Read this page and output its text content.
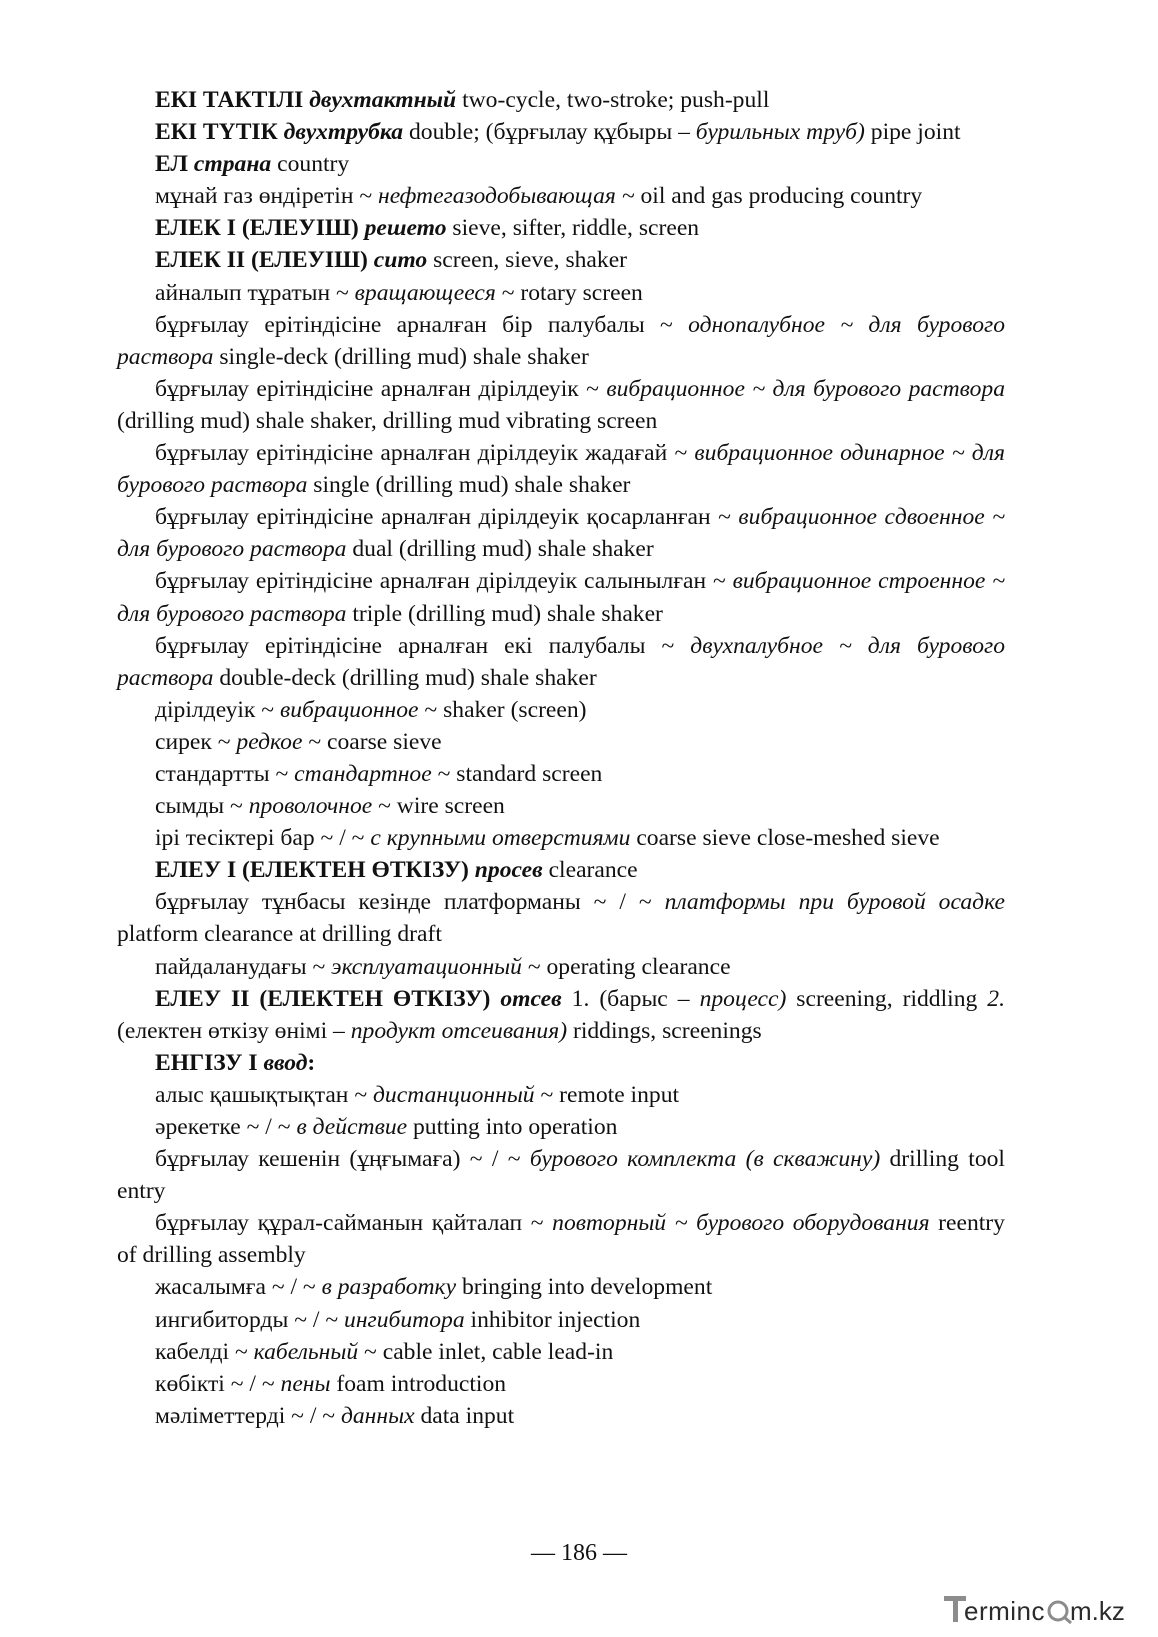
ЕКІ ТАКТІЛІ двухтактный two-cycle, two-stroke; push-pull

ЕКІ ТҮТІК двухтрубка double; (бұрғылау құбыры – бурильных труб) pipe joint

ЕЛ страна country

мұнай газ өндіретін ~ нефтегазодобывающая ~ oil and gas producing country

ЕЛЕК І (ЕЛЕУІШ) решето sieve, sifter, riddle, screen

ЕЛЕК ІІ (ЕЛЕУІШ) сито screen, sieve, shaker

айналып тұратын ~ вращающееся ~ rotary screen

бұрғылау ерітіндісіне арналған бір палубалы ~ однопалубное ~ для бурового раствора single-deck (drilling mud) shale shaker

бұрғылау ерітіндісіне арналған дірілдеуік ~ вибрационное ~ для бурового раствора (drilling mud) shale shaker, drilling mud vibrating screen

бұрғылау ерітіндісіне арналған дірілдеуік жадағай ~ вибрационное одинарное ~ для бурового раствора single (drilling mud) shale shaker

бұрғылау ерітіндісіне арналған дірілдеуік қосарланған ~ вибрационное сдвоенное ~ для бурового раствора dual (drilling mud) shale shaker

бұрғылау ерітіндісіне арналған дірілдеуік салынылған ~ вибрационное строенное ~ для бурового раствора triple (drilling mud) shale shaker

бұрғылау ерітіндісіне арналған екі палубалы ~ двухпалубное ~ для бурового раствора double-deck (drilling mud) shale shaker

дірілдеуік ~ вибрационное ~ shaker (screen)

сирек ~ редкое ~ coarse sieve

стандартты ~ стандартное ~ standard screen

сымды ~ проволочное ~ wire screen

ірі тесіктері бар ~ / ~ с крупными отверстиями coarse sieve close-meshed sieve

ЕЛЕУ І (ЕЛЕКТЕН ӨТКІЗУ) просев clearance

бұрғылау тұнбасы кезінде платформаны ~ / ~ платформы при буровой осадке platform clearance at drilling draft

пайдаланудағы ~ эксплуатационный ~ operating clearance

ЕЛЕУ ІІ (ЕЛЕКТЕН ӨТКІЗУ) отсев 1. (барыс – процесс) screening, riddling 2. (електен өткізу өнімі – продукт отсеивания) riddings, screenings

ЕНГІЗУ І ввод:

алыс қашықтықтан ~ дистанционный ~ remote input

әрекетке ~ / ~ в действие putting into operation

бұрғылау кешенін (ұңғымаға) ~ / ~ бурового комплекта (в скважину) drilling tool entry

бұрғылау құрал-сайманын қайталап ~ повторный ~ бурового оборудования reentry of drilling assembly

жасалымға ~ / ~ в разработку bringing into development

ингибиторды ~ / ~ ингибитора inhibitor injection

кабелді ~ кабельный ~ cable inlet, cable lead-in

көбікті ~ / ~ пены foam introduction

мәліметтерді ~ / ~ данных data input

— 186 —
erminc m.kz
